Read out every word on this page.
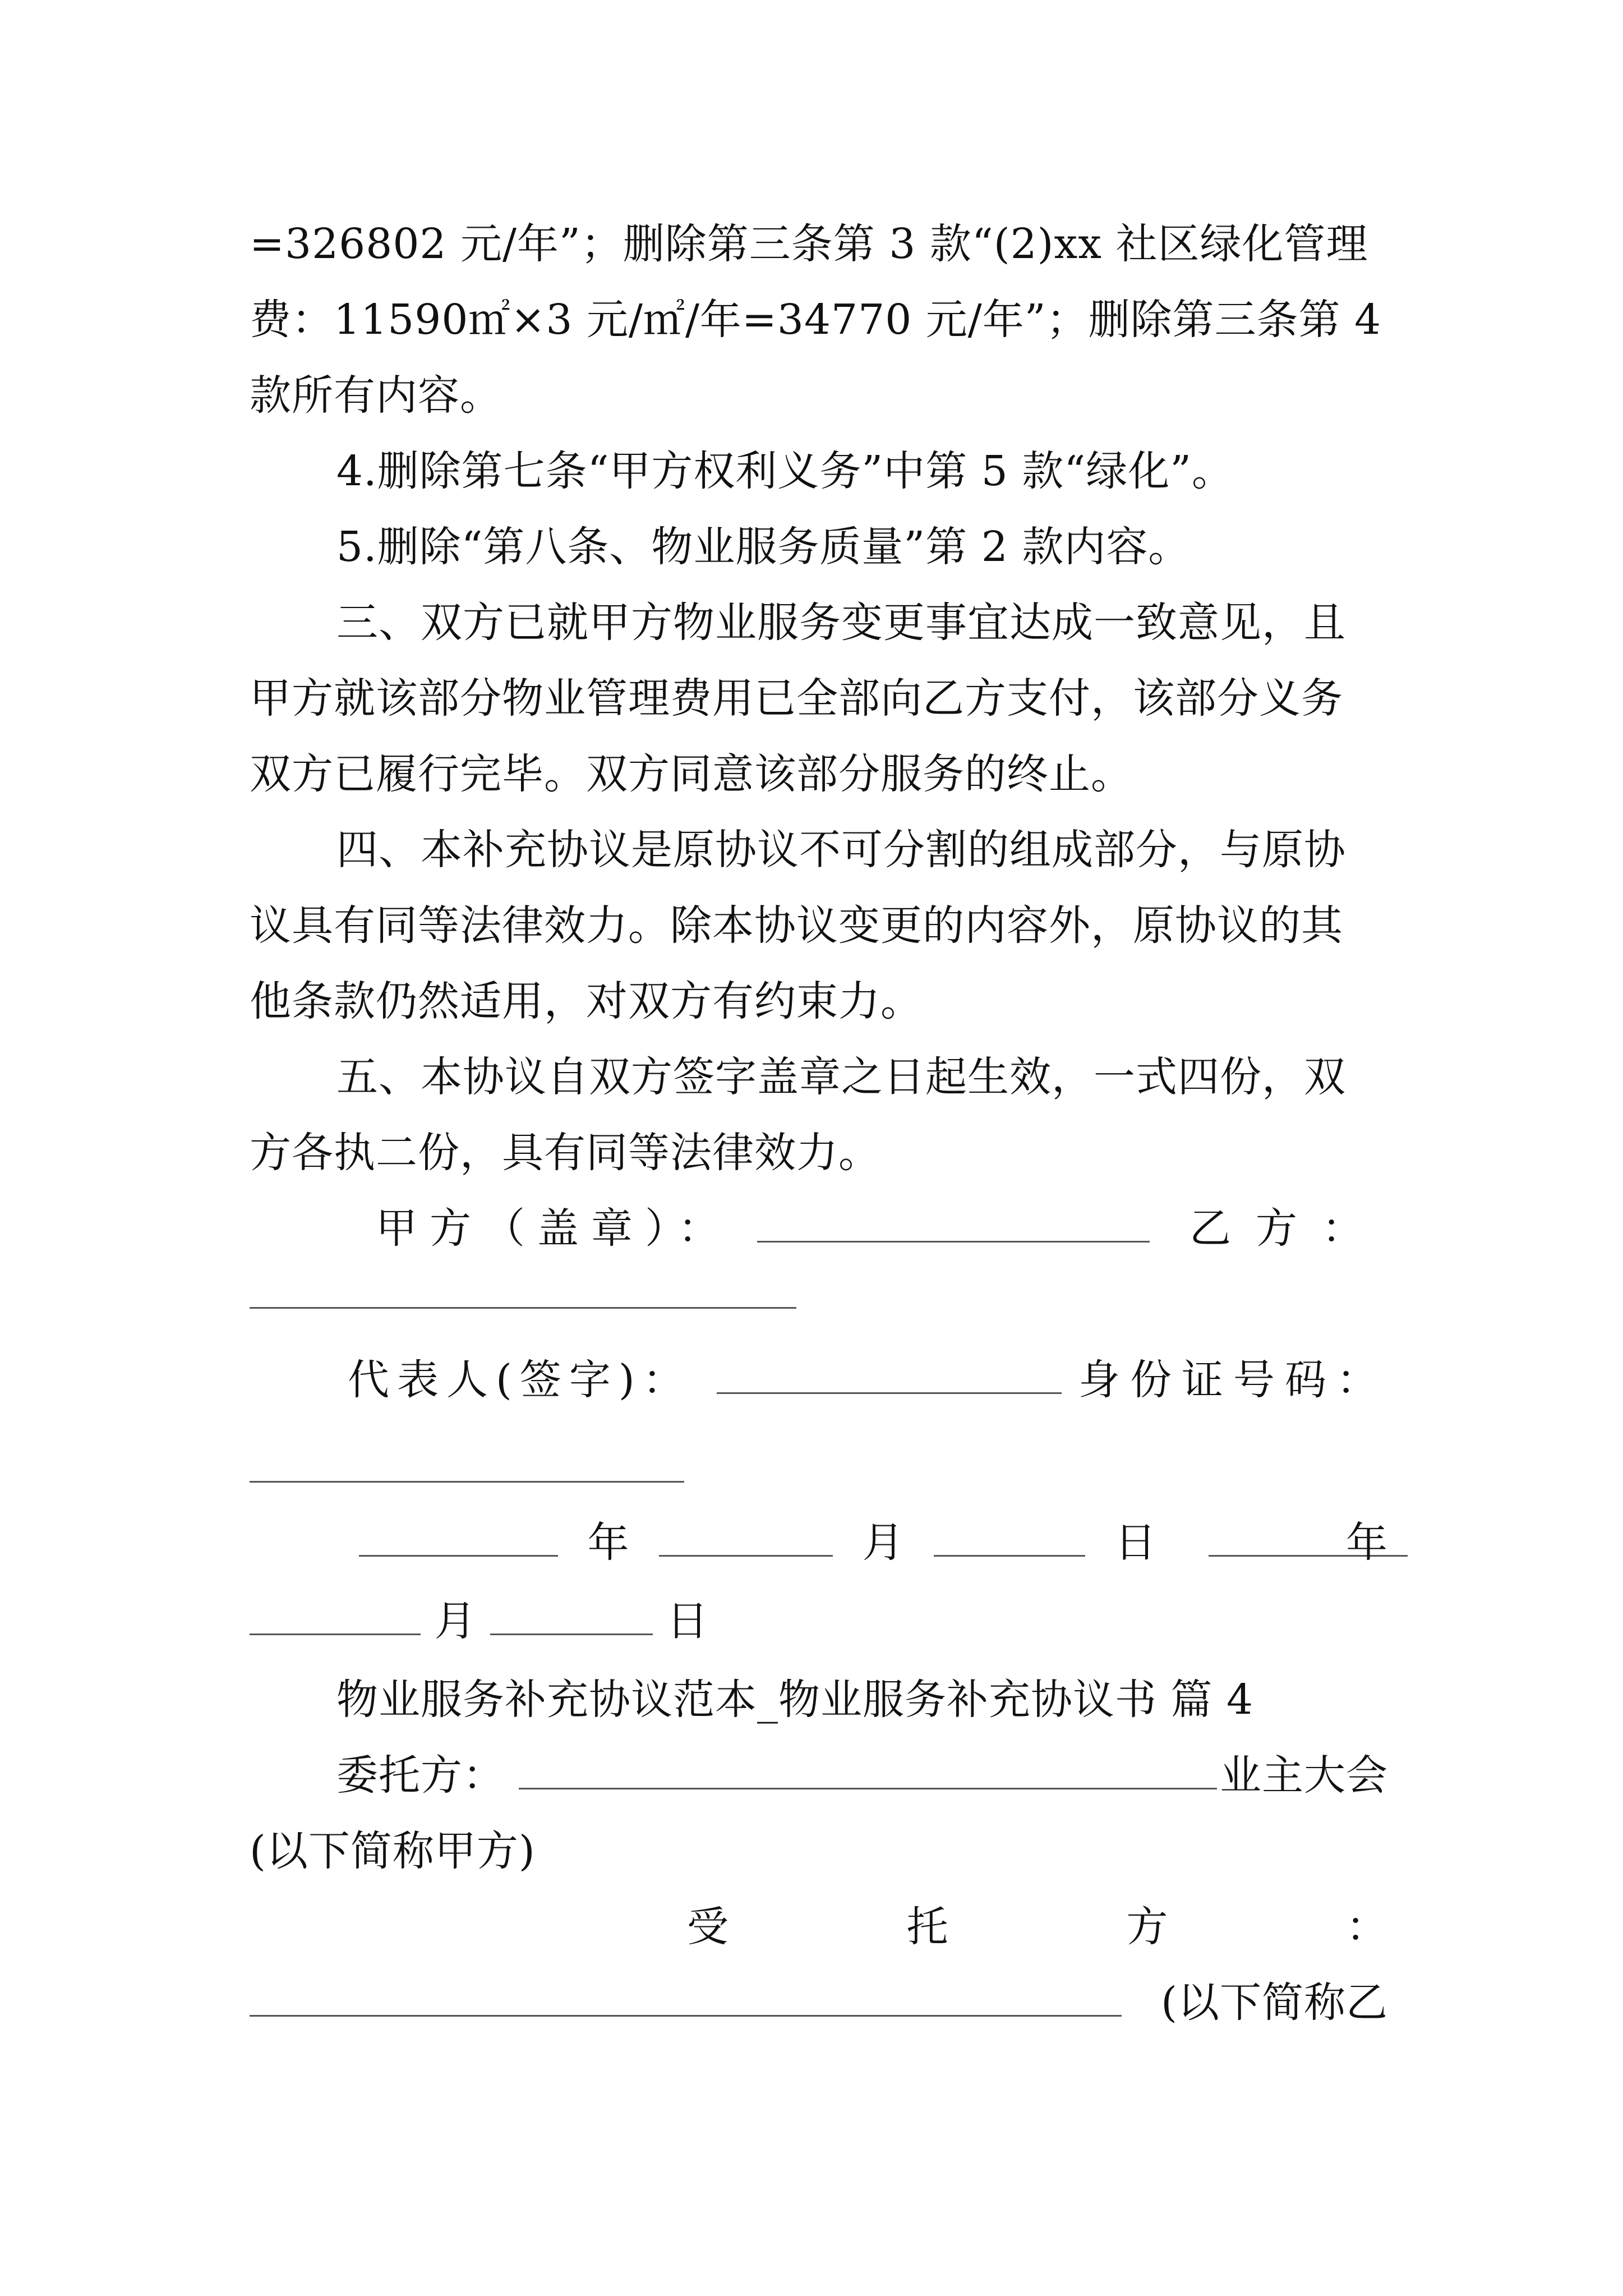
=326802 元/年”；删除第三条第 3 款“(2)xx 社区绿化管理
费：11590㎡×3 元/㎡/年=34770 元/年”；删除第三条第 4
款所有内容。
4.删除第七条“甲方权利义务”中第 5 款“绿化”。
5.删除“第八条、物业服务质量”第 2 款内容。
三、双方已就甲方物业服务变更事宜达成一致意见，且
甲方就该部分物业管理费用已全部向乙方支付，该部分义务
双方已履行完毕。双方同意该部分服务的终止。
四、本补充协议是原协议不可分割的组成部分，与原协
议具有同等法律效力。除本协议变更的内容外，原协议的其
他条款仍然适用，对双方有约束力。
五、本协议自双方签字盖章之日起生效，一式四份，双
方各执二份，具有同等法律效力。
甲方（盖章）：	乙方：
代表人(签字)：	身份证号码：
年	月	日	年
月	日
物业服务补充协议范本_物业服务补充协议书 篇 4
委托方：	业主大会
(以下简称甲方)
受	托	方	：
(以下简称乙
